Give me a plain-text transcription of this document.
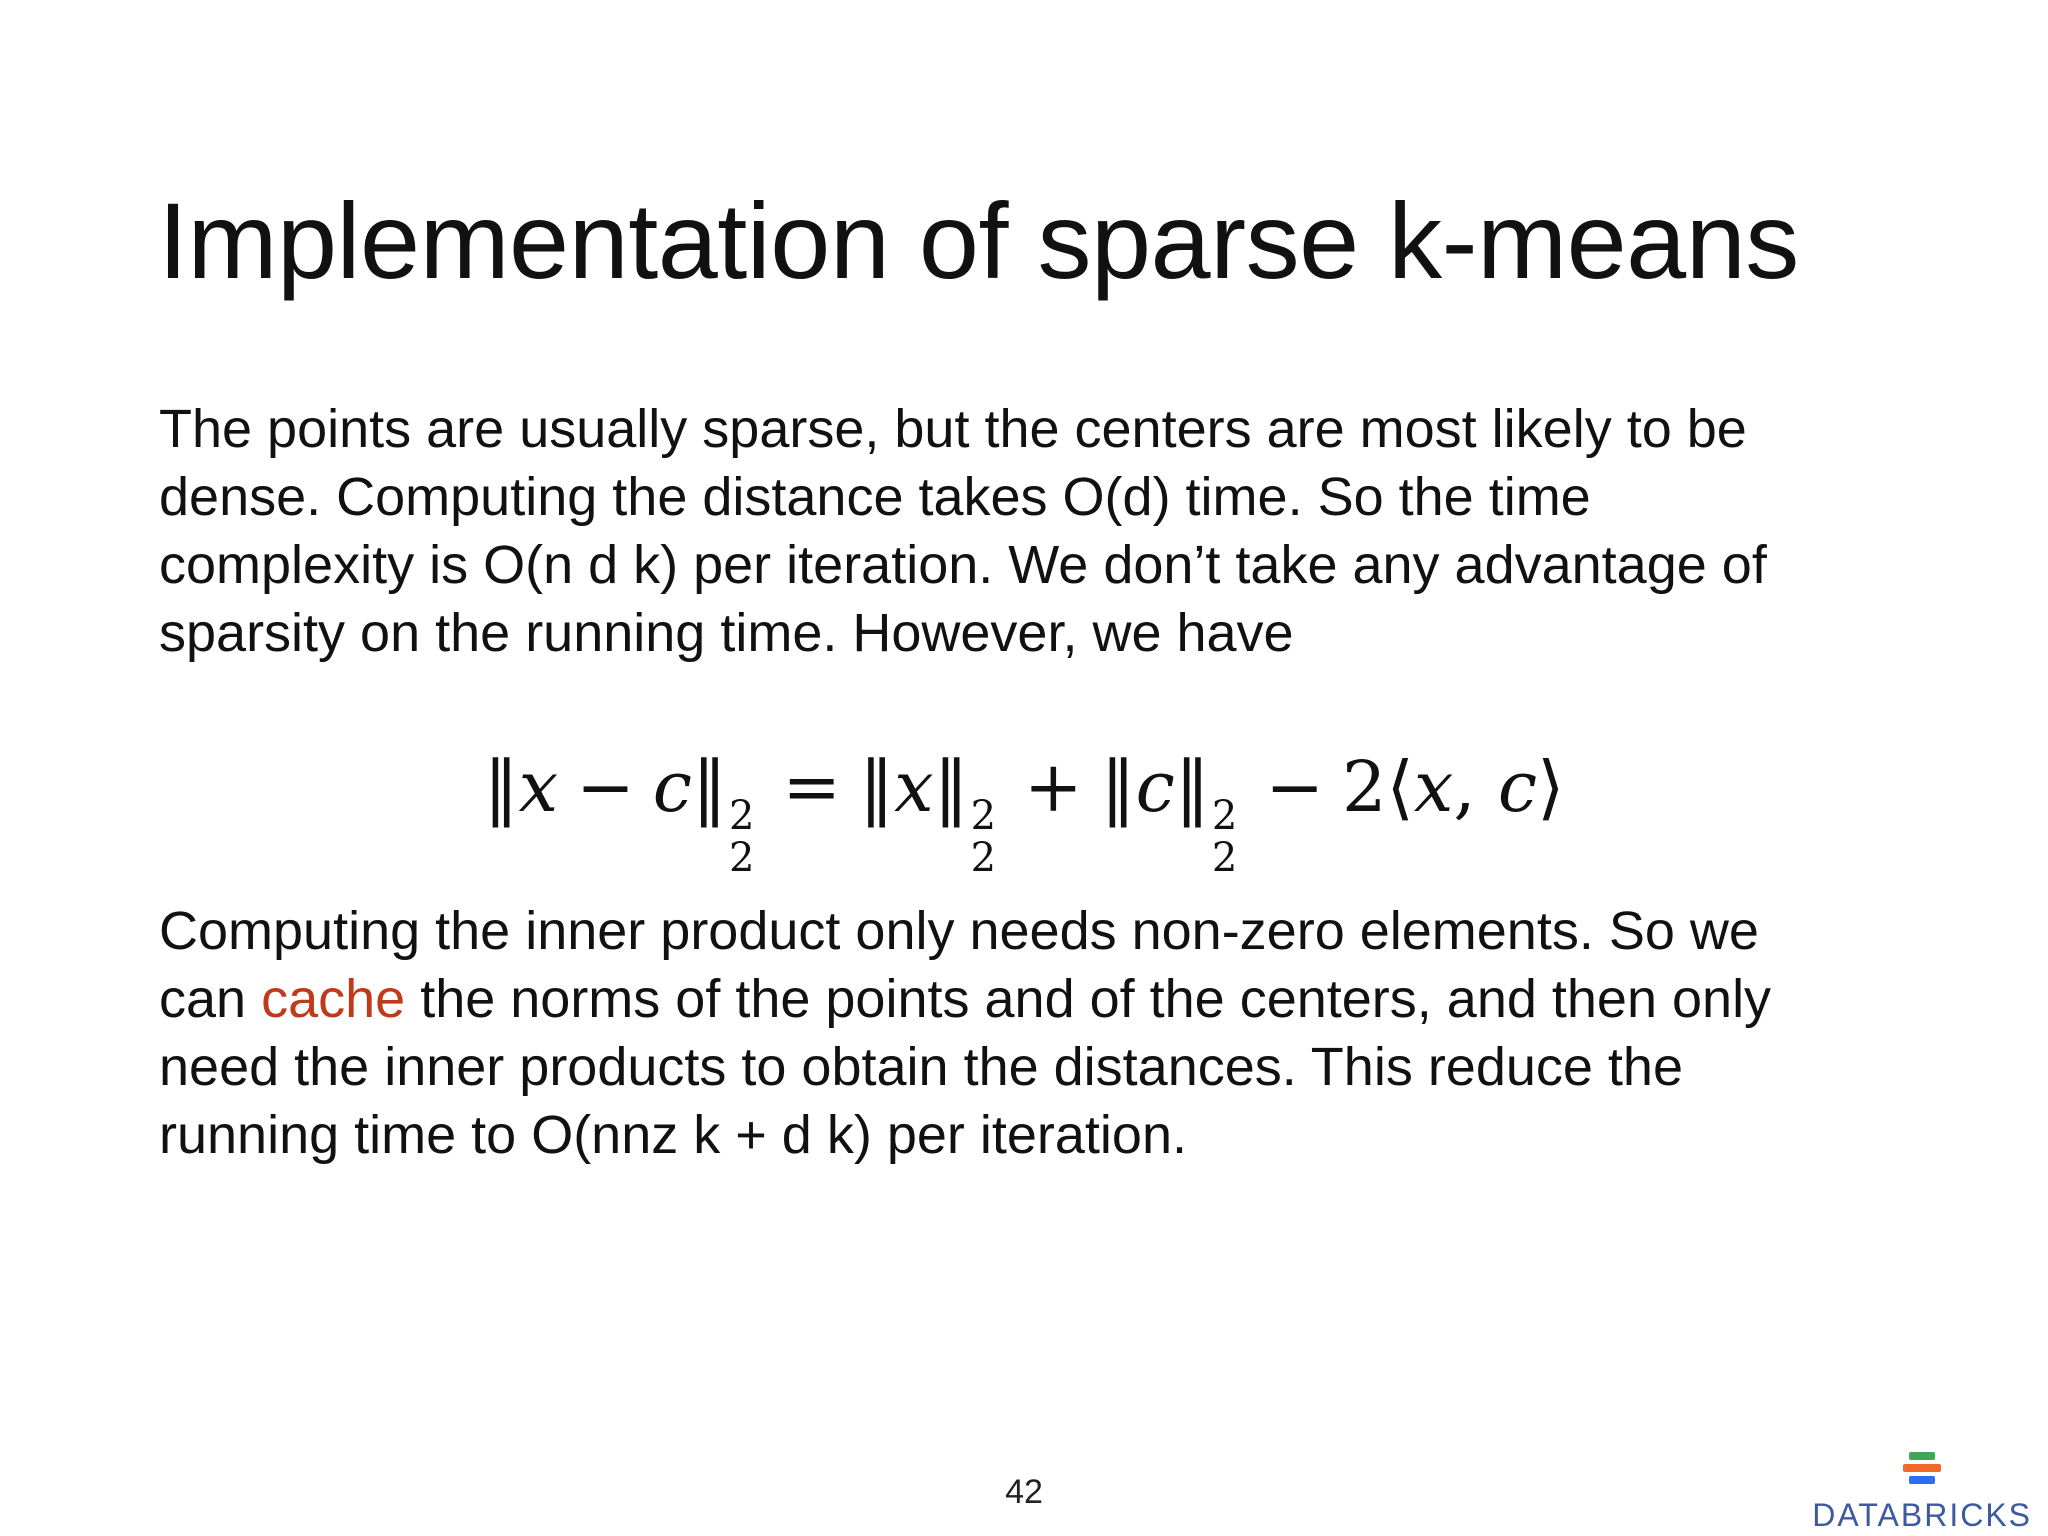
Implementation of sparse k-means

The points are usually sparse, but the centers are most likely to be
dense. Computing the distance takes O(d) time. So the time
complexity is O(n d k) per iteration. We don’t take any advantage of
sparsity on the running time. However, we have

‖x − c‖ 2
2
= ‖x‖ 2
2
+ ‖c‖ 2
2
− 2⟨x, c⟩

Computing the inner product only needs non-zero elements. So we
can cache the norms of the points and of the centers, and then only
need the inner products to obtain the distances. This reduce the
running time to O(nnz k + d k) per iteration.

42
DATABRICKS
